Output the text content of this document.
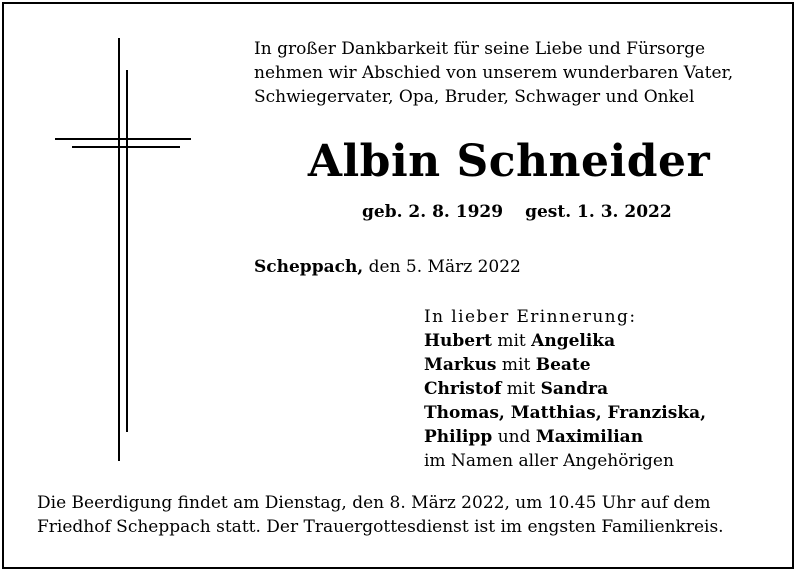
In großer Dankbarkeit für seine Liebe und Fürsorge
nehmen wir Abschied von unserem wunderbaren Vater,
Schwiegervater, Opa, Bruder, Schwager und Onkel
Albin Schneider
geb. 2. 8. 1929 gest. 1. 3. 2022
Scheppach, den 5. März 2022
In lieber Erinnerung:
Hubert mit Angelika
Markus mit Beate
Christof mit Sandra
Thomas, Matthias, Franziska,
Philipp und Maximilian
im Namen aller Angehörigen
Die Beerdigung findet am Dienstag, den 8. März 2022, um 10.45 Uhr auf dem
Friedhof Scheppach statt. Der Trauergottesdienst ist im engsten Familienkreis.
